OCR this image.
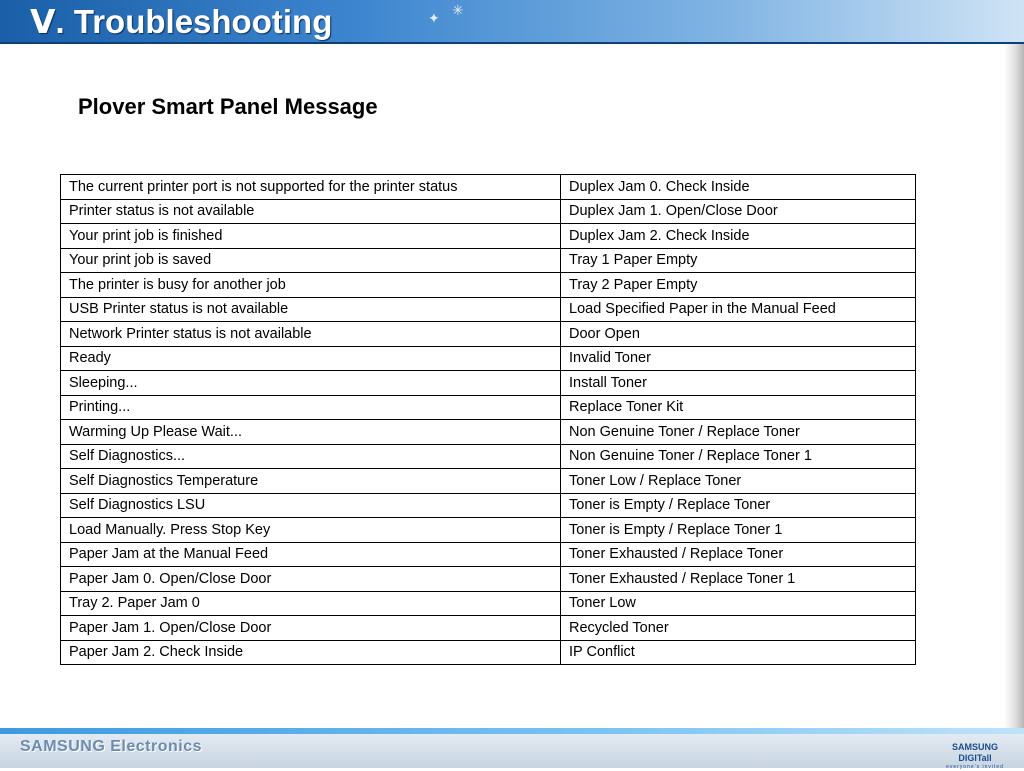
✦ ✳
Ⅴ. Troubleshooting
Plover Smart Panel Message
The current printer port is not supported for the printer status	Duplex Jam 0. Check Inside
Printer status is not available	Duplex Jam 1. Open/Close Door
Your print job is finished	Duplex Jam 2. Check Inside
Your print job is saved	Tray 1 Paper Empty
The printer is busy for another job	Tray 2 Paper Empty
USB Printer status is not available	Load Specified Paper in the Manual Feed
Network Printer status is not available	Door Open
Ready	Invalid Toner
Sleeping...	Install Toner
Printing...	Replace Toner Kit
Warming Up Please Wait...	Non Genuine Toner / Replace Toner
Self Diagnostics...	Non Genuine Toner / Replace Toner 1
Self Diagnostics Temperature	Toner Low / Replace Toner
Self Diagnostics LSU	Toner is Empty / Replace Toner
Load Manually. Press Stop Key	Toner is Empty / Replace Toner 1
Paper Jam at the Manual Feed	Toner Exhausted / Replace Toner
Paper Jam 0. Open/Close Door	Toner Exhausted / Replace Toner 1
Tray 2. Paper Jam 0	Toner Low
Paper Jam 1. Open/Close Door	Recycled Toner
Paper Jam 2. Check Inside	IP Conflict

SAMSUNG Electronics	SAMSUNG DIGITall
everyone's invited
